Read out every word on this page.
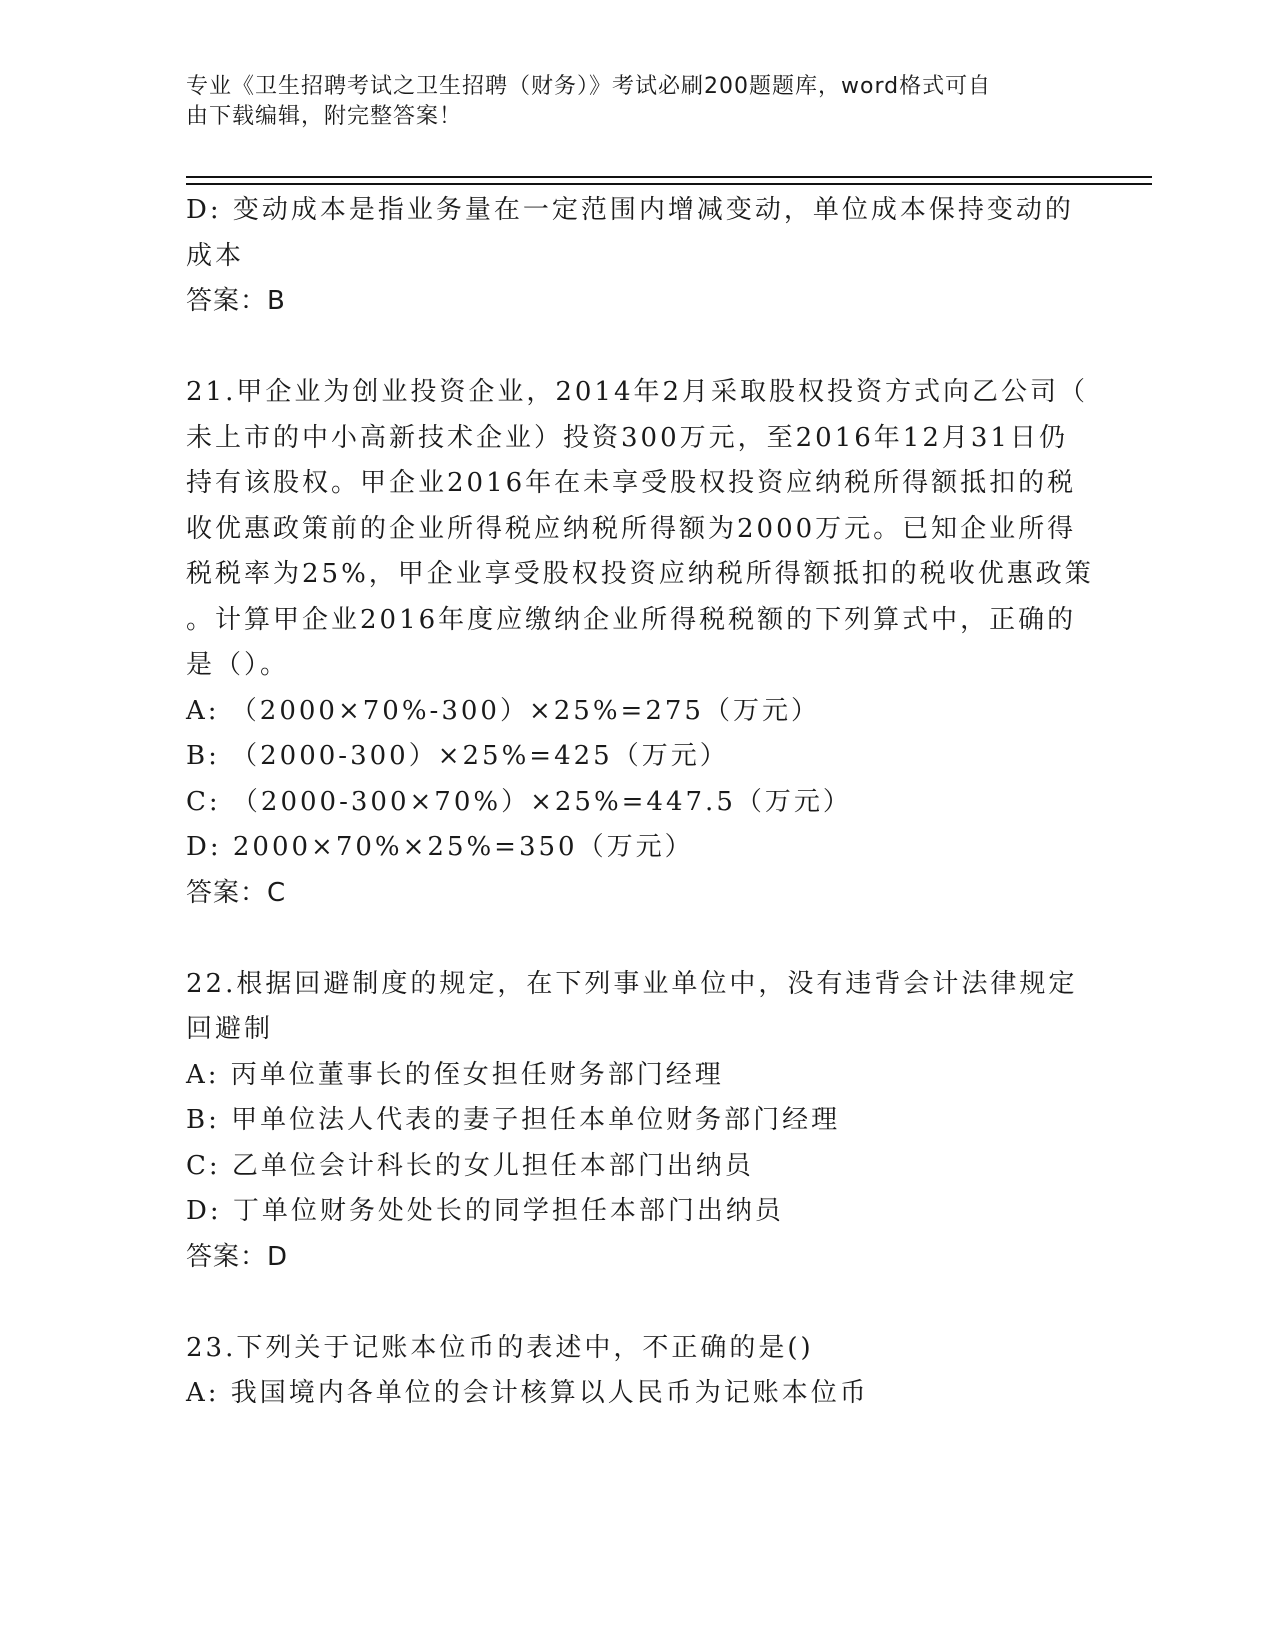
专业《卫生招聘考试之卫生招聘（财务）》考试必刷200题题库，word格式可自
由下载编辑，附完整答案！
D: 变动成本是指业务量在一定范围内增减变动，单位成本保持变动的
成本
答案：B
21.甲企业为创业投资企业，2014年2月采取股权投资方式向乙公司（
未上市的中小高新技术企业）投资300万元，至2016年12月31日仍
持有该股权。甲企业2016年在未享受股权投资应纳税所得额抵扣的税
收优惠政策前的企业所得税应纳税所得额为2000万元。已知企业所得
税税率为25%，甲企业享受股权投资应纳税所得额抵扣的税收优惠政策
。计算甲企业2016年度应缴纳企业所得税税额的下列算式中，正确的
是（）。
A: （2000×70%-300）×25%=275（万元）
B: （2000-300）×25%=425（万元）
C: （2000-300×70%）×25%=447.5（万元）
D: 2000×70%×25%=350（万元）
答案：C
22.根据回避制度的规定，在下列事业单位中，没有违背会计法律规定
回避制
A: 丙单位董事长的侄女担任财务部门经理
B: 甲单位法人代表的妻子担任本单位财务部门经理
C: 乙单位会计科长的女儿担任本部门出纳员
D: 丁单位财务处处长的同学担任本部门出纳员
答案：D
23.下列关于记账本位币的表述中，不正确的是()
A: 我国境内各单位的会计核算以人民币为记账本位币
